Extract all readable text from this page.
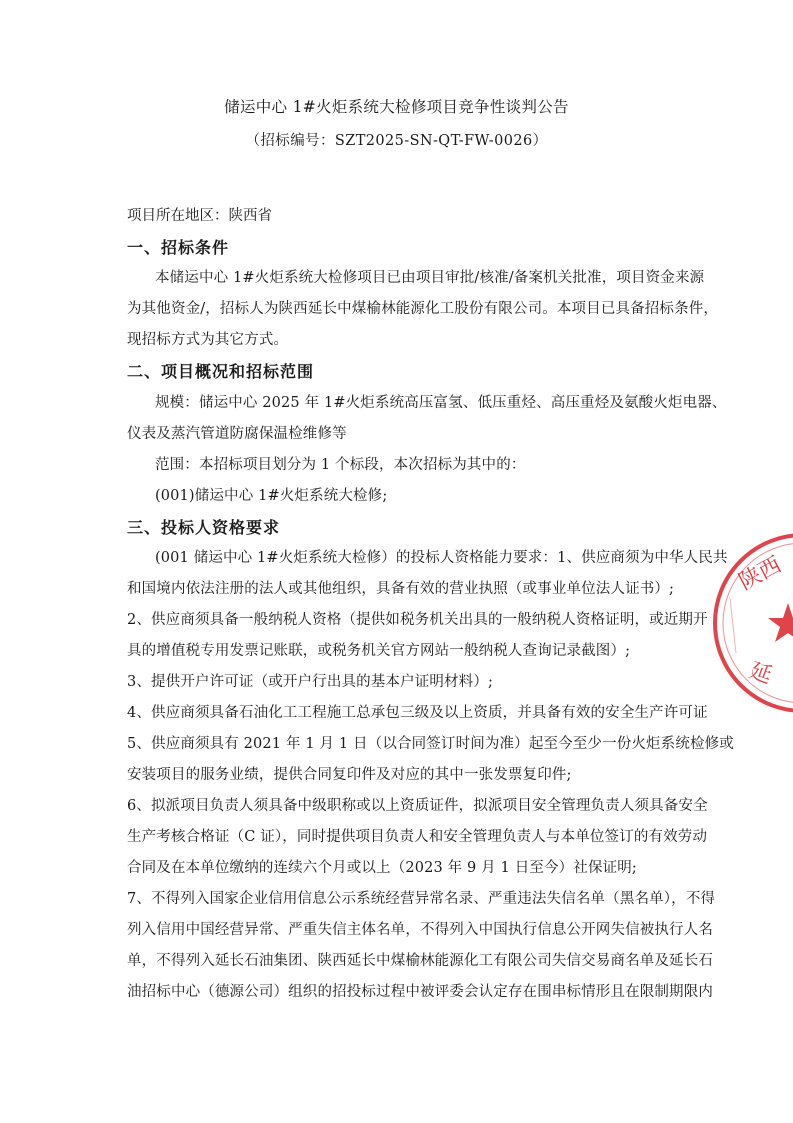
储运中心 1#火炬系统大检修项目竞争性谈判公告
（招标编号：SZT2025-SN-QT-FW-0026）
项目所在地区：陕西省
一、招标条件
本储运中心 1#火炬系统大检修项目已由项目审批/核准/备案机关批准，项目资金来源
为其他资金/，招标人为陕西延长中煤榆林能源化工股份有限公司。本项目已具备招标条件，
现招标方式为其它方式。
二、项目概况和招标范围
规模：储运中心 2025 年 1#火炬系统高压富氢、低压重烃、高压重烃及氨酸火炬电器、
仪表及蒸汽管道防腐保温检维修等
范围：本招标项目划分为 1 个标段，本次招标为其中的：
(001)储运中心 1#火炬系统大检修;
三、投标人资格要求
(001 储运中心 1#火炬系统大检修）的投标人资格能力要求：1、供应商须为中华人民共
和国境内依法注册的法人或其他组织，具备有效的营业执照（或事业单位法人证书）;
2、供应商须具备一般纳税人资格（提供如税务机关出具的一般纳税人资格证明，或近期开
具的增值税专用发票记账联，或税务机关官方网站一般纳税人查询记录截图）;
3、提供开户许可证（或开户行出具的基本户证明材料）;
4、供应商须具备石油化工工程施工总承包三级及以上资质，并具备有效的安全生产许可证
5、供应商须具有 2021 年 1 月 1 日（以合同签订时间为准）起至今至少一份火炬系统检修或
安装项目的服务业绩，提供合同复印件及对应的其中一张发票复印件;
6、拟派项目负责人须具备中级职称或以上资质证件，拟派项目安全管理负责人须具备安全
生产考核合格证（C 证），同时提供项目负责人和安全管理负责人与本单位签订的有效劳动
合同及在本单位缴纳的连续六个月或以上（2023 年 9 月 1 日至今）社保证明;
7、不得列入国家企业信用信息公示系统经营异常名录、严重违法失信名单（黑名单），不得
列入信用中国经营异常、严重失信主体名单，不得列入中国执行信息公开网失信被执行人名
单，不得列入延长石油集团、陕西延长中煤榆林能源化工有限公司失信交易商名单及延长石
油招标中心（德源公司）组织的招投标过程中被评委会认定存在围串标情形且在限制期限内
陕西
延
